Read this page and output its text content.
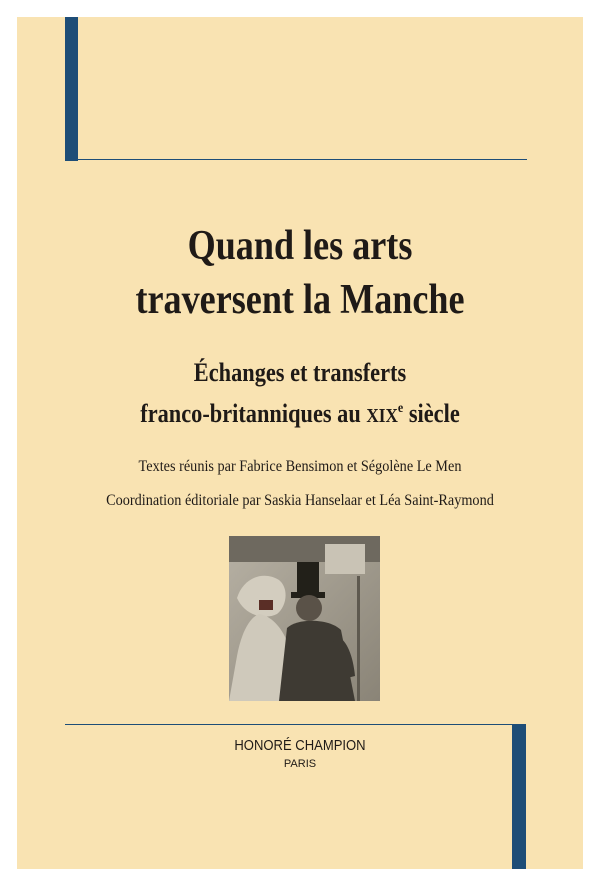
Quand les arts
traversent la Manche
Échanges et transferts
franco-britanniques au XIXe siècle
Textes réunis par Fabrice Bensimon et Ségolène Le Men
Coordination éditoriale par Saskia Hanselaar et Léa Saint-Raymond
HONORÉ CHAMPION
PARIS
